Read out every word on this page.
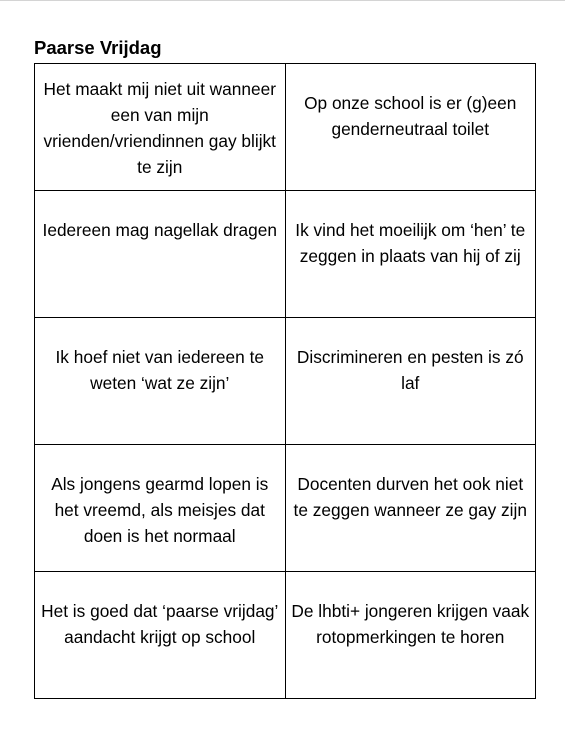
Paarse Vrijdag
Het maakt mij niet uit wanneer een van mijn vrienden/vriendinnen gay blijkt te zijn	Op onze school is er (g)een genderneutraal toilet

Iedereen mag nagellak dragen	Ik vind het moeilijk om ‘hen’ te zeggen in plaats van hij of zij

Ik hoef niet van iedereen te weten ‘wat ze zijn’	Discrimineren en pesten is zó laf

Als jongens gearmd lopen is het vreemd, als meisjes dat doen is het normaal	Docenten durven het ook niet te zeggen wanneer ze gay zijn

Het is goed dat ‘paarse vrijdag’ aandacht krijgt op school	De lhbti+ jongeren krijgen vaak rotopmerkingen te horen
